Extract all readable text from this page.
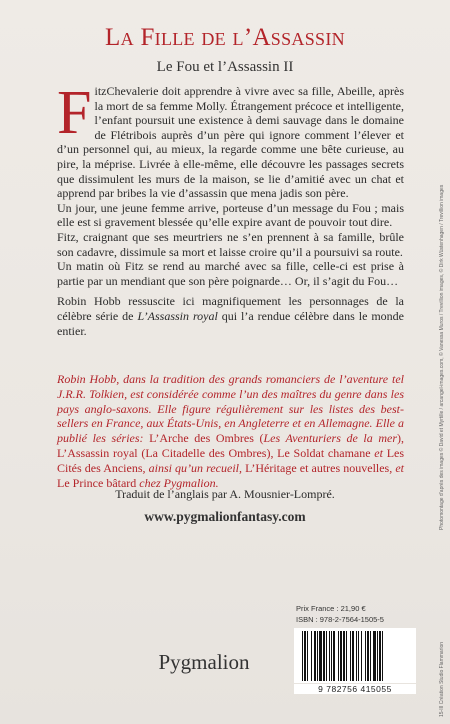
La Fille de l’Assassin
Le Fou et l’Assassin II

FitzChevalerie doit apprendre à vivre avec sa fille, Abeille, après la mort de sa femme Molly. Étrangement précoce et intelligente, l’enfant poursuit une existence à demi sauvage dans le domaine de Flétribois auprès d’un père qui ignore comment l’élever et d’un personnel qui, au mieux, la regarde comme une bête curieuse, au pire, la méprise. Livrée à elle-même, elle découvre les passages secrets que dissimulent les murs de la maison, se lie d’amitié avec un chat et apprend par bribes la vie d’assassin que mena jadis son père.

Un jour, une jeune femme arrive, porteuse d’un message du Fou ; mais elle est si gravement blessée qu’elle expire avant de pouvoir tout dire.

Fitz, craignant que ses meurtriers ne s’en prennent à sa famille, brûle son cadavre, dissimule sa mort et laisse croire qu’il a poursuivi sa route.

Un matin où Fitz se rend au marché avec sa fille, celle-ci est prise à partie par un mendiant que son père poignarde… Or, il s’agit du Fou…

Robin Hobb ressuscite ici magnifiquement les personnages de la célèbre série de L’Assassin royal qui l’a rendue célèbre dans le monde entier.

Robin Hobb, dans la tradition des grands romanciers de l’aventure tel J.R.R. Tolkien, est considérée comme l’un des maîtres du genre dans les pays anglo-saxons. Elle figure régulièrement sur les listes des best-sellers en France, aux États-Unis, en Angleterre et en Allemagne. Elle a publié les séries: L’Arche des Ombres (Les Aventuriers de la mer), L’Assassin royal (La Citadelle des Ombres), Le Soldat chamane et Les Cités des Anciens, ainsi qu’un recueil, L’Héritage et autres nouvelles, et Le Prince bâtard chez Pygmalion.

Traduit de l’anglais par A. Mousnier-Lompré.
www.pygmalionfantasy.com
Prix France : 21,90 €
ISBN : 978-2-7564-1505-5
9 782756 415055
Pygmalion
Photomontage d’après des images © David et Myrtille / arcangel-images.com, © Vanessa Muros / Trevillion images, © Dirk Wüstenhagen / Trevillion images
15-III Création Studio Flammarion
